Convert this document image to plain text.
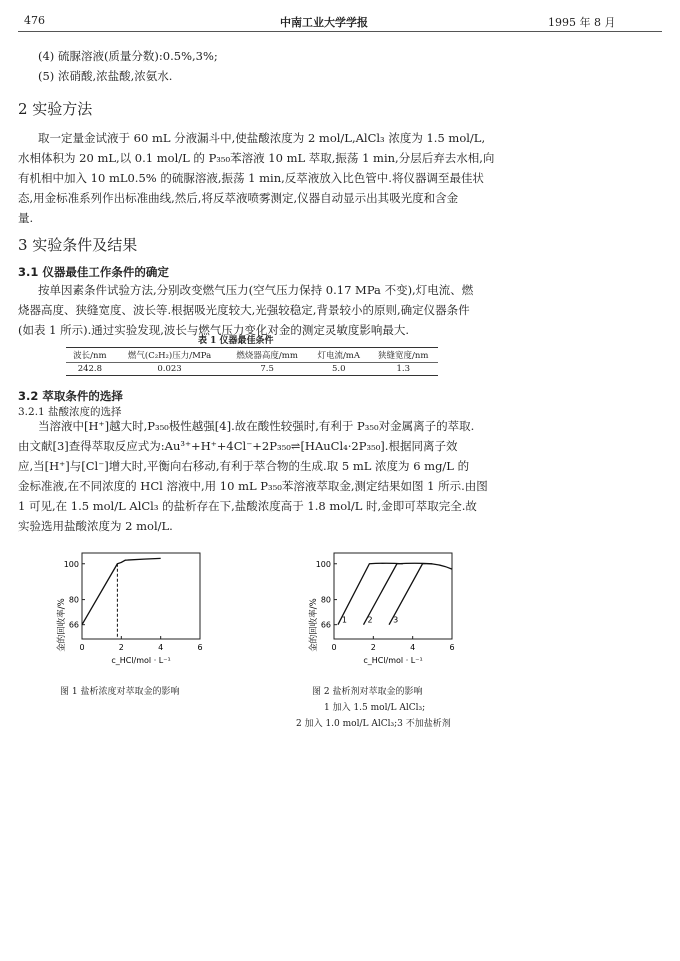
476	中南工业大学学报	1995 年 8 月
(4) 硫脲溶液(质量分数):0.5%,3%;
(5) 浓硝酸,浓盐酸,浓氨水.
2 实验方法
取一定量金试液于 60 mL 分液漏斗中,使盐酸浓度为 2 mol/L,AlCl₃ 浓度为 1.5 mol/L,
水相体积为 20 mL,以 0.1 mol/L 的 P₃₅₀苯溶液 10 mL 萃取,振荡 1 min,分层后弃去水相,向
有机相中加入 10 mL0.5% 的硫脲溶液,振荡 1 min,反萃液放入比色管中.将仪器调至最佳状
态,用金标准系列作出标准曲线,然后,将反萃液喷雾测定,仪器自动显示出其吸光度和含金
量.
3 实验条件及结果
3.1 仪器最佳工作条件的确定
按单因素条件试验方法,分别改变燃气压力(空气压力保持 0.17 MPa 不变),灯电流、燃
烧器高度、狭缝宽度、波长等.根据吸光度较大,光强较稳定,背景较小的原则,确定仪器条件
(如表 1 所示).通过实验发现,波长与燃气压力变化对金的测定灵敏度影响最大.
表 1 仪器最佳条件
波长/nm	燃气(C₂H₂)压力/MPa	燃烧器高度/mm	灯电流/mA	狭缝宽度/nm
242.8	0.023	7.5	5.0	1.3
3.2 萃取条件的选择
3.2.1 盐酸浓度的选择
当溶液中[H⁺]越大时,P₃₅₀极性越强[4].故在酸性较强时,有利于 P₃₅₀对金属离子的萃取.
由文献[3]查得萃取反应式为:Au³⁺+H⁺+4Cl⁻+2P₃₅₀⇌[HAuCl₄·2P₃₅₀].根据同离子效
应,当[H⁺]与[Cl⁻]增大时,平衡向右移动,有利于萃合物的生成.取 5 mL 浓度为 6 mg/L 的
金标准液,在不同浓度的 HCl 溶液中,用 10 mL P₃₅₀苯溶液萃取金,测定结果如图 1 所示.由图
1 可见,在 1.5 mol/L AlCl₃ 的盐析存在下,盐酸浓度高于 1.8 mol/L 时,金即可萃取完全.故
实验选用盐酸浓度为 2 mol/L.
金的回收率/% 0	2	4	6
66
80
100
c_HCl/mol · L⁻¹
图 1 盐析浓度对萃取金的影响
金的回收率/% 0	2	4	6
66
80
100
c_HCl/mol · L⁻¹
1	2	3
图 2 盐析剂对萃取金的影响
1 加入 1.5 mol/L AlCl₃;
2 加入 1.0 mol/L AlCl₃;3 不加盐析剂
